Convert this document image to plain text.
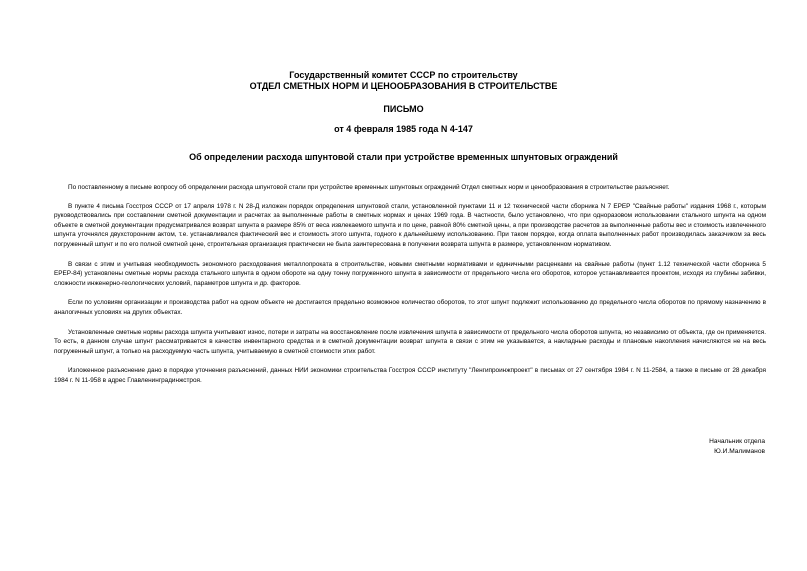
Государственный комитет СССР по строительству
ОТДЕЛ СМЕТНЫХ НОРМ И ЦЕНООБРАЗОВАНИЯ В СТРОИТЕЛЬСТВЕ
ПИСЬМО
от 4 февраля 1985 года N 4-147
Об определении расхода шпунтовой стали при устройстве временных шпунтовых ограждений

По поставленному в письме вопросу об определении расхода шпунтовой стали при устройстве временных шпунтовых ограждений Отдел сметных норм и ценообразования в строительстве разъясняет.

В пункте 4 письма Госстроя СССР от 17 апреля 1978 г. N 28-Д изложен порядок определения шпунтовой стали, установленной пунктами 11 и 12 технической части сборника N 7 ЕРЕР "Свайные работы" издания 1968 г., которым руководствовались при составлении сметной документации и расчетах за выполненные работы в сметных нормах и ценах 1969 года. В частности, было установлено, что при одноразовом использовании стального шпунта на одном объекте в сметной документации предусматривался возврат шпунта в размере 85% от веса извлекаемого шпунта и по цене, равной 80% сметной цены, а при производстве расчетов за выполненные работы вес и стоимость извлеченного шпунта уточнялся двухсторонним актом, т.е. устанавливался фактический вес и стоимость этого шпунта, годного к дальнейшему использованию. При таком порядке, когда оплата выполненных работ производилась заказчиком за весь погруженный шпунт и по его полной сметной цене, строительная организация практически не была заинтересована в получении возврата шпунта в размере, установленном нормативом.

В связи с этим и учитывая необходимость экономного расходования металлопроката в строительстве, новыми сметными нормативами и единичными расценками на свайные работы (пункт 1.12 технической части сборника 5 ЕРЕР-84) установлены сметные нормы расхода стального шпунта в одном обороте на одну тонну погруженного шпунта в зависимости от предельного числа его оборотов, которое устанавливается проектом, исходя из глубины забивки, сложности инженерно-геологических условий, параметров шпунта и др. факторов.

Если по условиям организации и производства работ на одном объекте не достигается предельно возможное количество оборотов, то этот шпунт подлежит использованию до предельного числа оборотов по прямому назначению в аналогичных условиях на других объектах.

Установленные сметные нормы расхода шпунта учитывают износ, потери и затраты на восстановление после извлечения шпунта в зависимости от предельного числа оборотов шпунта, но независимо от объекта, где он применяется. То есть, в данном случае шпунт рассматривается в качестве инвентарного средства и в сметной документации возврат шпунта в связи с этим не указывается, а накладные расходы и плановые накопления начисляются не на весь погруженный шпунт, а только на расходуемую часть шпунта, учитываемую в сметной стоимости этих работ.

Изложенное разъяснение дано в порядке уточнения разъяснений, данных НИИ экономики строительства Госстроя СССР институту "Ленгипроинжпроект" в письмах от 27 сентября 1984 г. N 11-2584, а также в письме от 28 декабря 1984 г. N 11-958 в адрес Главленинградинжстроя.

Начальник отдела
Ю.И.Малиманов
